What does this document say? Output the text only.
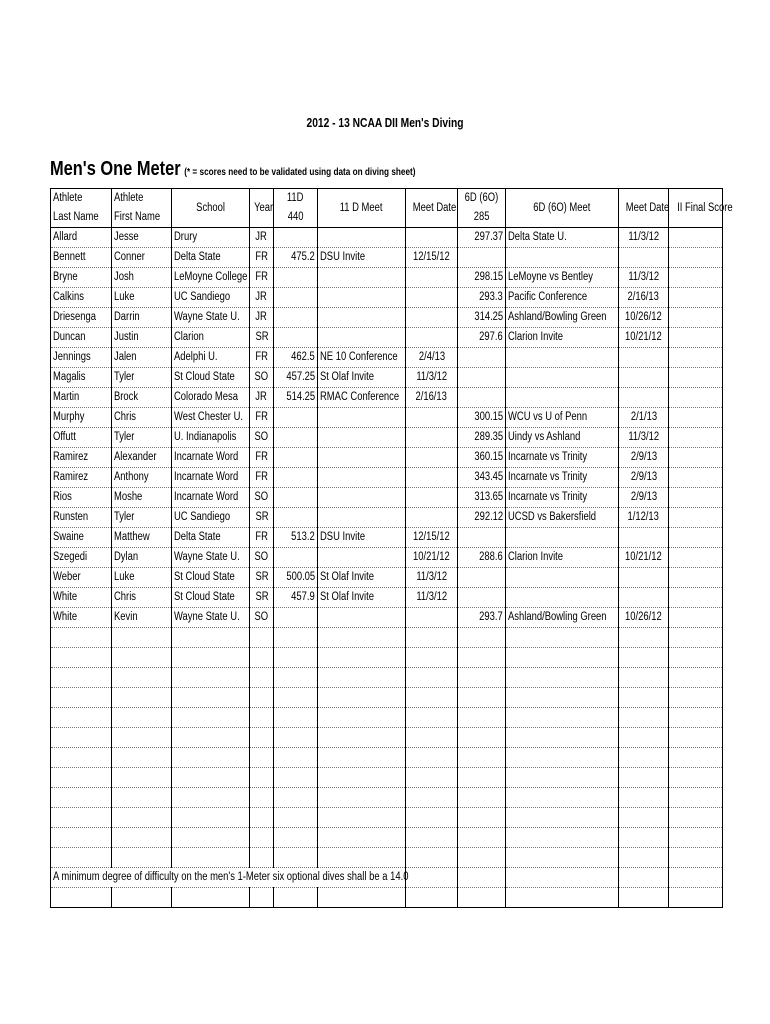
2012 - 13 NCAA DII Men's Diving
Men's One Meter (* = scores need to be validated using data on diving sheet)
Athlete	Athlete	School	Year	11D	11 D Meet	Meet Date	6D (6O)	6D (6O) Meet	Meet Date	II Final Score
Last Name	First Name			440			285			
Allard	Jesse	Drury	JR				297.37	Delta State U.	11/3/12	
Bennett	Conner	Delta State	FR	475.2	DSU Invite	12/15/12				
Bryne	Josh	LeMoyne College	FR				298.15	LeMoyne vs Bentley	11/3/12	
Calkins	Luke	UC Sandiego	JR				293.3	Pacific Conference	2/16/13	
Driesenga	Darrin	Wayne State U.	JR				314.25	Ashland/Bowling Green	10/26/12	
Duncan	Justin	Clarion	SR				297.6	Clarion Invite	10/21/12	
Jennings	Jalen	Adelphi U.	FR	462.5	NE 10 Conference	2/4/13				
Magalis	Tyler	St Cloud State	SO	457.25	St Olaf Invite	11/3/12				
Martin	Brock	Colorado Mesa	JR	514.25	RMAC Conference	2/16/13				
Murphy	Chris	West Chester U.	FR				300.15	WCU vs U of Penn	2/1/13	
Offutt	Tyler	U. Indianapolis	SO				289.35	Uindy vs Ashland	11/3/12	
Ramirez	Alexander	Incarnate Word	FR				360.15	Incarnate vs Trinity	2/9/13	
Ramirez	Anthony	Incarnate Word	FR				343.45	Incarnate vs Trinity	2/9/13	
Rios	Moshe	Incarnate Word	SO				313.65	Incarnate vs Trinity	2/9/13	
Runsten	Tyler	UC Sandiego	SR				292.12	UCSD vs Bakersfield	1/12/13	
Swaine	Matthew	Delta State	FR	513.2	DSU Invite	12/15/12				
Szegedi	Dylan	Wayne State U.	SO			10/21/12	288.6	Clarion Invite	10/21/12	
Weber	Luke	St Cloud State	SR	500.05	St Olaf Invite	11/3/12				
White	Chris	St Cloud State	SR	457.9	St Olaf Invite	11/3/12				
White	Kevin	Wayne State U.	SO				293.7	Ashland/Bowling Green	10/26/12	

A minimum degree of difficulty on the men's 1-Meter six optional dives shall be a 14.0										
